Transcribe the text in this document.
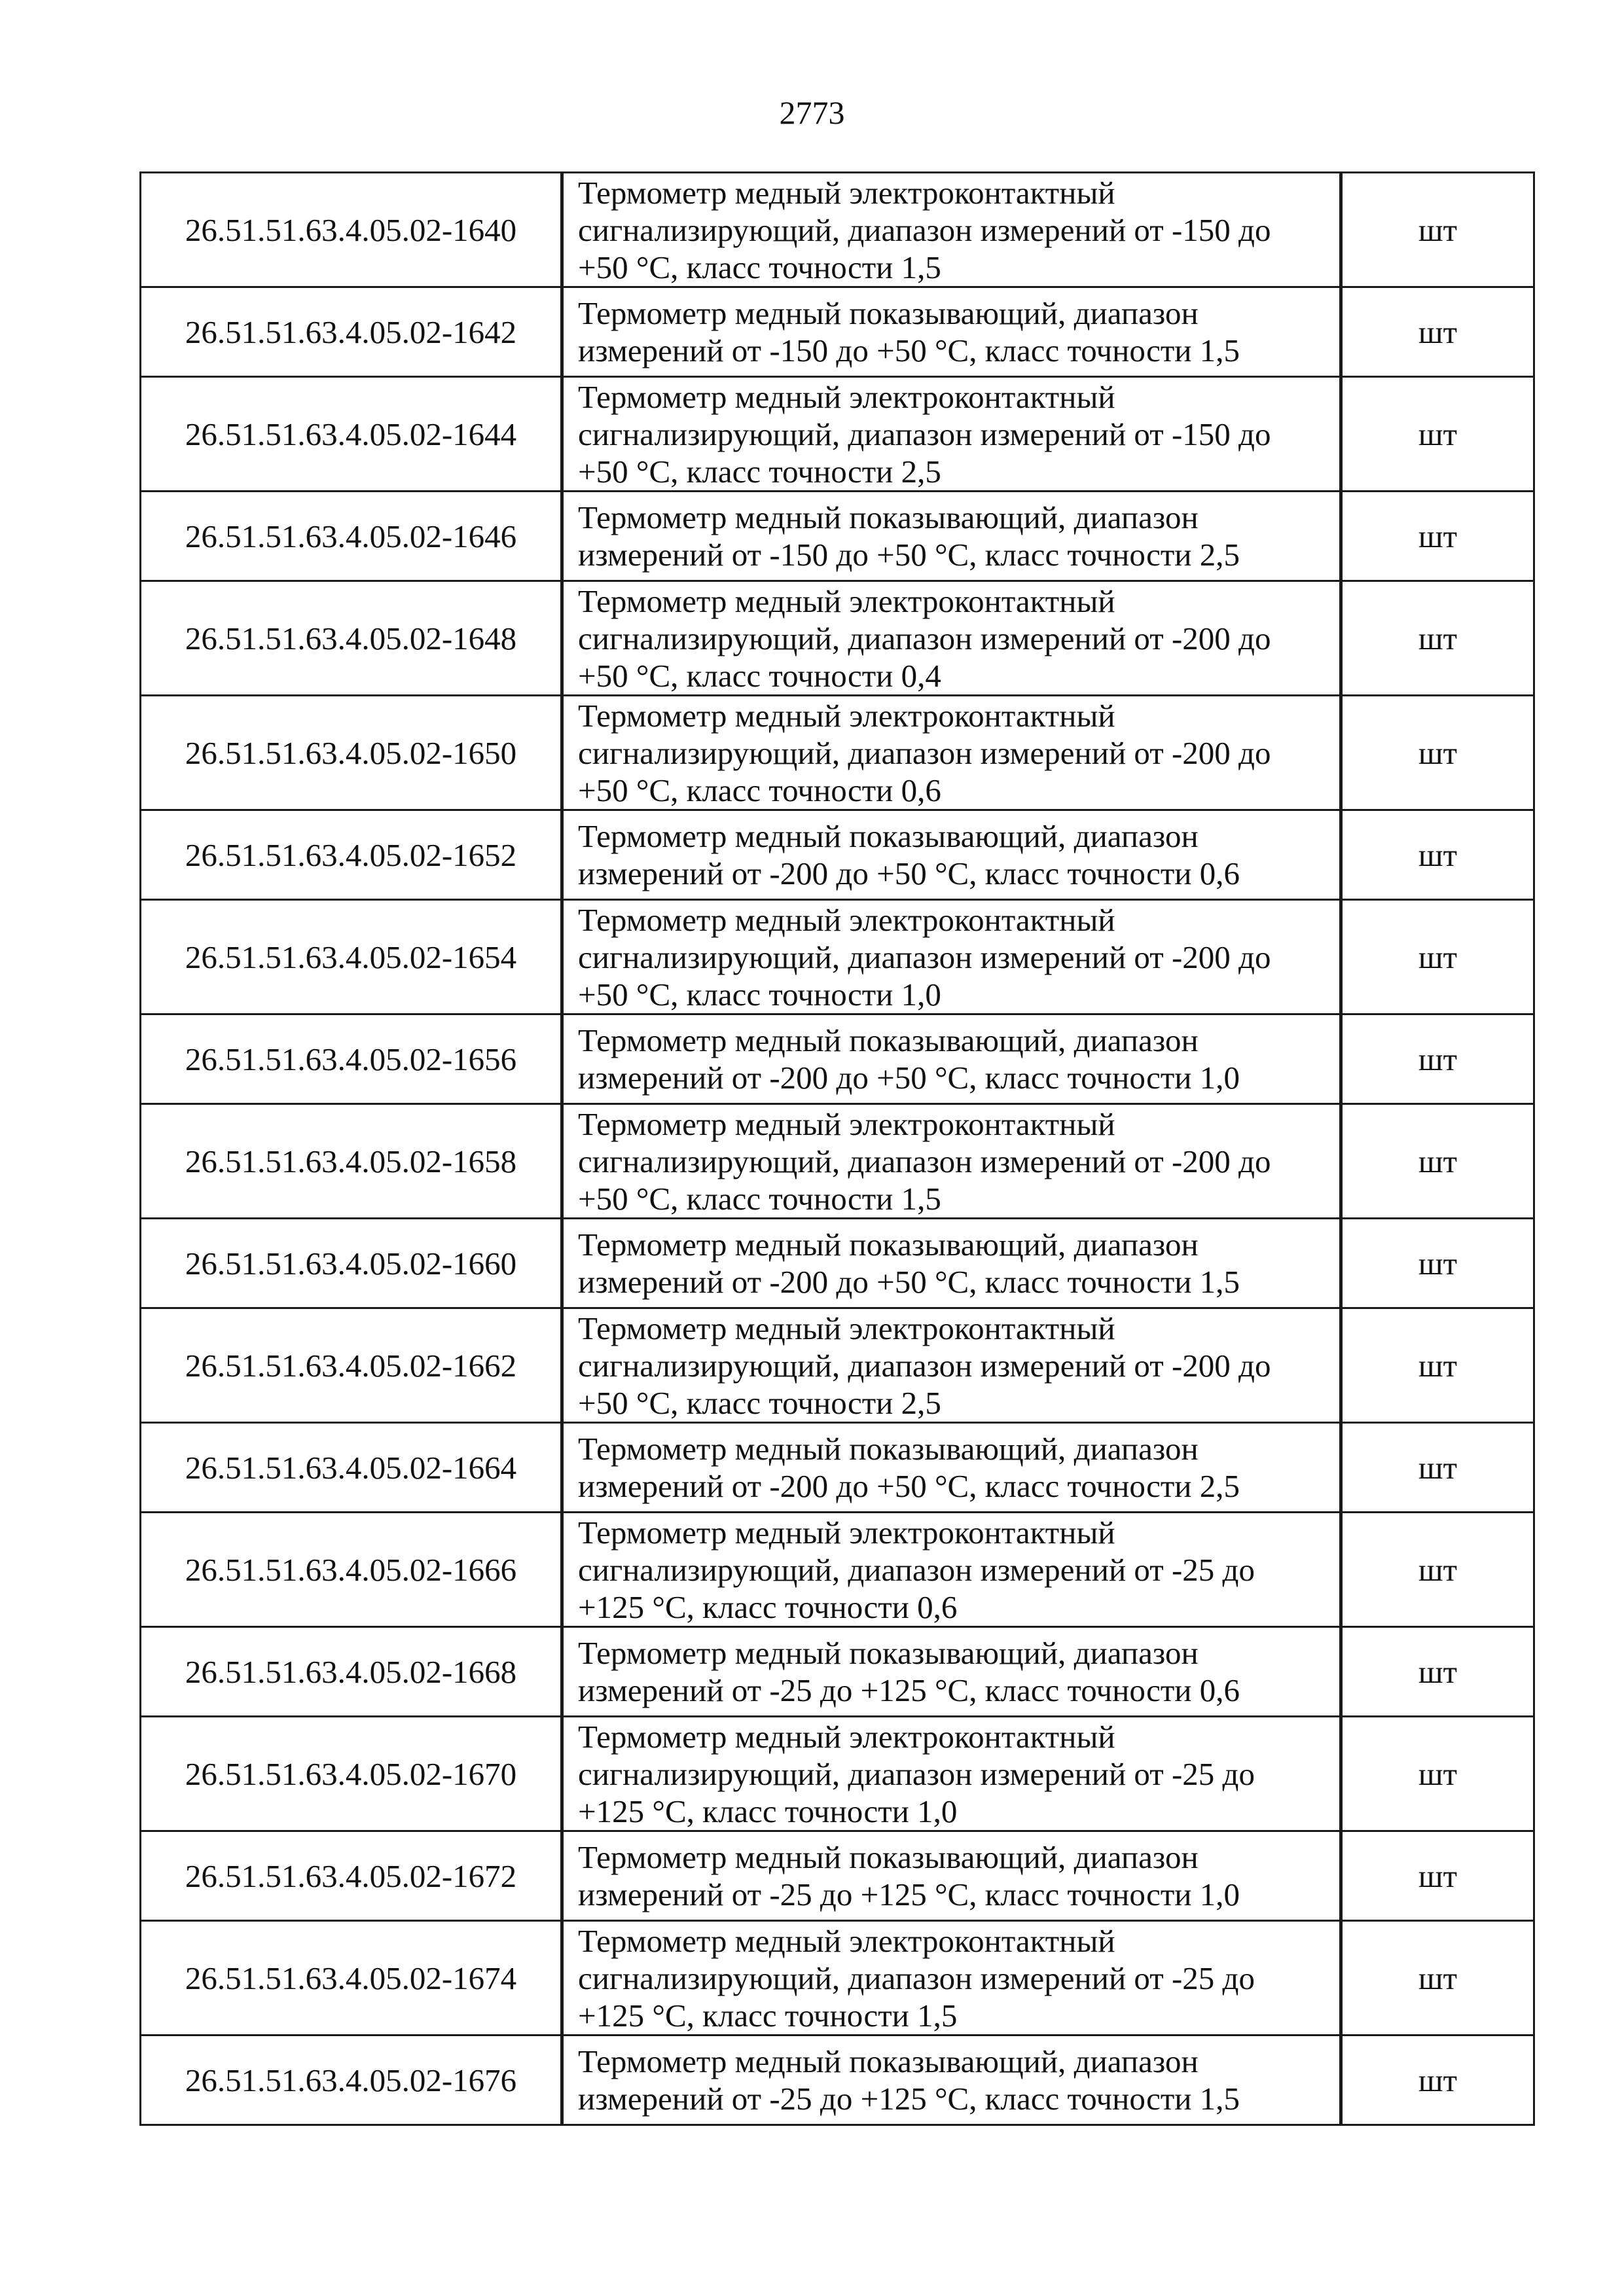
2773
26.51.51.63.4.05.02-1640	Термометр медный электроконтактный
сигнализирующий, диапазон измерений от -150 до
+50 °С, класс точности 1,5	шт
26.51.51.63.4.05.02-1642	Термометр медный показывающий, диапазон
измерений от -150 до +50 °С, класс точности 1,5	шт
26.51.51.63.4.05.02-1644	Термометр медный электроконтактный
сигнализирующий, диапазон измерений от -150 до
+50 °С, класс точности 2,5	шт
26.51.51.63.4.05.02-1646	Термометр медный показывающий, диапазон
измерений от -150 до +50 °С, класс точности 2,5	шт
26.51.51.63.4.05.02-1648	Термометр медный электроконтактный
сигнализирующий, диапазон измерений от -200 до
+50 °С, класс точности 0,4	шт
26.51.51.63.4.05.02-1650	Термометр медный электроконтактный
сигнализирующий, диапазон измерений от -200 до
+50 °С, класс точности 0,6	шт
26.51.51.63.4.05.02-1652	Термометр медный показывающий, диапазон
измерений от -200 до +50 °С, класс точности 0,6	шт
26.51.51.63.4.05.02-1654	Термометр медный электроконтактный
сигнализирующий, диапазон измерений от -200 до
+50 °С, класс точности 1,0	шт
26.51.51.63.4.05.02-1656	Термометр медный показывающий, диапазон
измерений от -200 до +50 °С, класс точности 1,0	шт
26.51.51.63.4.05.02-1658	Термометр медный электроконтактный
сигнализирующий, диапазон измерений от -200 до
+50 °С, класс точности 1,5	шт
26.51.51.63.4.05.02-1660	Термометр медный показывающий, диапазон
измерений от -200 до +50 °С, класс точности 1,5	шт
26.51.51.63.4.05.02-1662	Термометр медный электроконтактный
сигнализирующий, диапазон измерений от -200 до
+50 °С, класс точности 2,5	шт
26.51.51.63.4.05.02-1664	Термометр медный показывающий, диапазон
измерений от -200 до +50 °С, класс точности 2,5	шт
26.51.51.63.4.05.02-1666	Термометр медный электроконтактный
сигнализирующий, диапазон измерений от -25 до
+125 °С, класс точности 0,6	шт
26.51.51.63.4.05.02-1668	Термометр медный показывающий, диапазон
измерений от -25 до +125 °С, класс точности 0,6	шт
26.51.51.63.4.05.02-1670	Термометр медный электроконтактный
сигнализирующий, диапазон измерений от -25 до
+125 °С, класс точности 1,0	шт
26.51.51.63.4.05.02-1672	Термометр медный показывающий, диапазон
измерений от -25 до +125 °С, класс точности 1,0	шт
26.51.51.63.4.05.02-1674	Термометр медный электроконтактный
сигнализирующий, диапазон измерений от -25 до
+125 °С, класс точности 1,5	шт
26.51.51.63.4.05.02-1676	Термометр медный показывающий, диапазон
измерений от -25 до +125 °С, класс точности 1,5	шт
